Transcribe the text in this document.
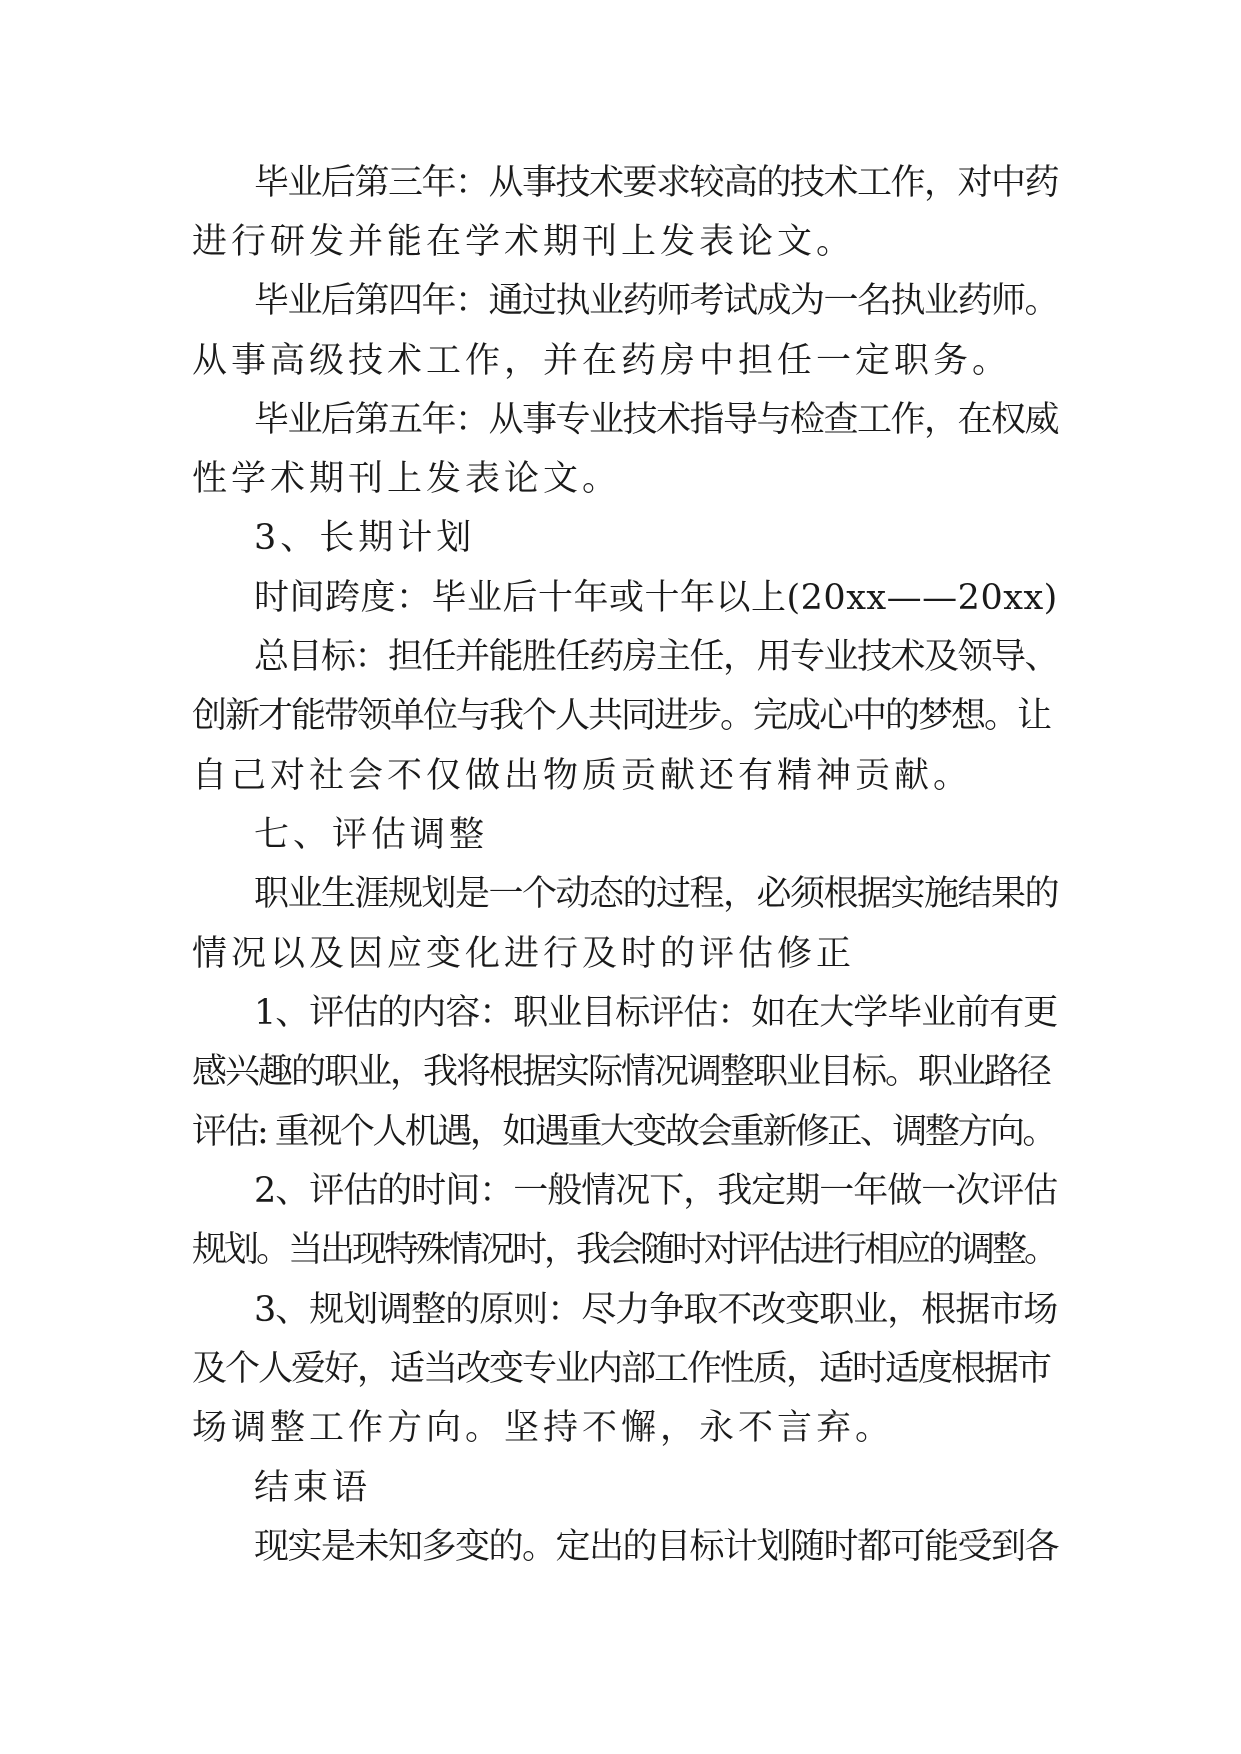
毕业后第三年：从事技术要求较高的技术工作，对中药

进行研发并能在学术期刊上发表论文。

毕业后第四年：通过执业药师考试成为一名执业药师。

从事高级技术工作，并在药房中担任一定职务。

毕业后第五年：从事专业技术指导与检查工作，在权威

性学术期刊上发表论文。

3、长期计划

时间跨度：毕业后十年或十年以上(20xx——20xx)

总目标：担任并能胜任药房主任，用专业技术及领导、

创新才能带领单位与我个人共同进步。完成心中的梦想。让

自己对社会不仅做出物质贡献还有精神贡献。

七、评估调整

职业生涯规划是一个动态的过程，必须根据实施结果的

情况以及因应变化进行及时的评估修正

1、评估的内容：职业目标评估：如在大学毕业前有更

感兴趣的职业，我将根据实际情况调整职业目标。职业路径

评估: 重视个人机遇，如遇重大变故会重新修正、调整方向。

2、评估的时间：一般情况下，我定期一年做一次评估

规划。当出现特殊情况时，我会随时对评估进行相应的调整。

3、规划调整的原则：尽力争取不改变职业，根据市场

及个人爱好，适当改变专业内部工作性质，适时适度根据市

场调整工作方向。坚持不懈，永不言弃。

结束语

现实是未知多变的。定出的目标计划随时都可能受到各
